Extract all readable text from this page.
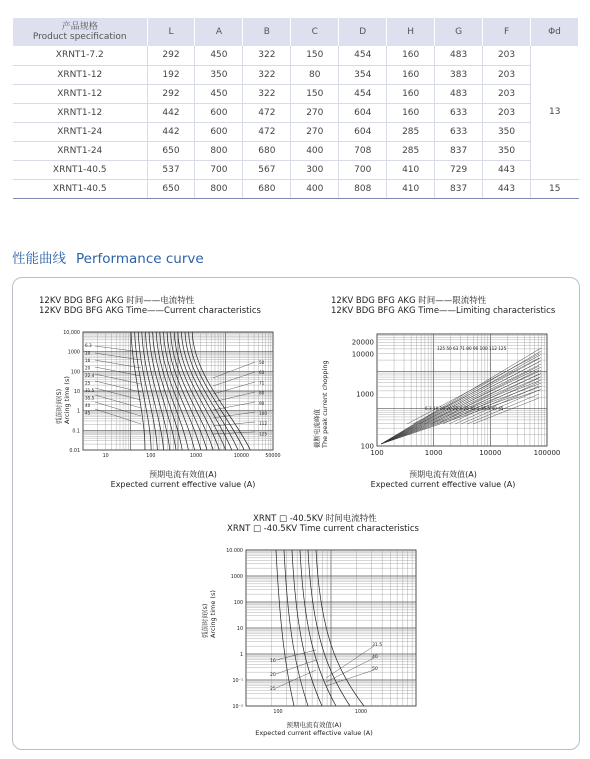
产品规格
Product specification	L	A	B	C	D	H	G	F	Φd
XRNT1-7.2	292	450	322	150	454	160	483	203	13
XRNT1-12	192	350	322	80	354	160	383	203	
XRNT1-12	292	450	322	150	454	160	483	203	
XRNT1-12	442	600	472	270	604	160	633	203	
XRNT1-24	442	600	472	270	604	285	633	350	
XRNT1-24	650	800	680	400	708	285	837	350	
XRNT1-40.5	537	700	567	300	700	410	729	443	
XRNT1-40.5	650	800	680	400	808	410	837	443	15
性能曲线 Performance curve
12KV BDG BFG AKG 时间——电流特性
12KV BDG BFG AKG Time——Current characteristics
弧前时间(S) Arcing time (s)
10,000
1000
100
10
1
0.1
0.01
10	100	1000	10000	50000
6.3
10
16
20
22.4
25
31.5
35.5
40
45
50
63
71
80
90
100
112
125
预期电流有效值(A)
Expected current effective value (A)
12KV BDG BFG AKG 时间——限流特性
12KV BDG BFG AKG Time——Limiting characteristics
截断电流峰值 The peak current chopping
20000
10000
1000
100
100	1000	10000	100000
125 50 63 71 80 90 100 112 125
6.3 10 16 20 22.4 25 31.5 35.5 40 45
预期电流有效值(A)
Expected current effective value (A)
XRNT □ -40.5KV 时间电流特性
XRNT □ -40.5KV Time current characteristics
弧前时间(s) Arcing time (s)
10.000
1000
100
10
1
10⁻¹
10⁻²
100	1000
16
20
25
31.5
40
50
预期电流有效值(A)
Expected current effective value (A)
